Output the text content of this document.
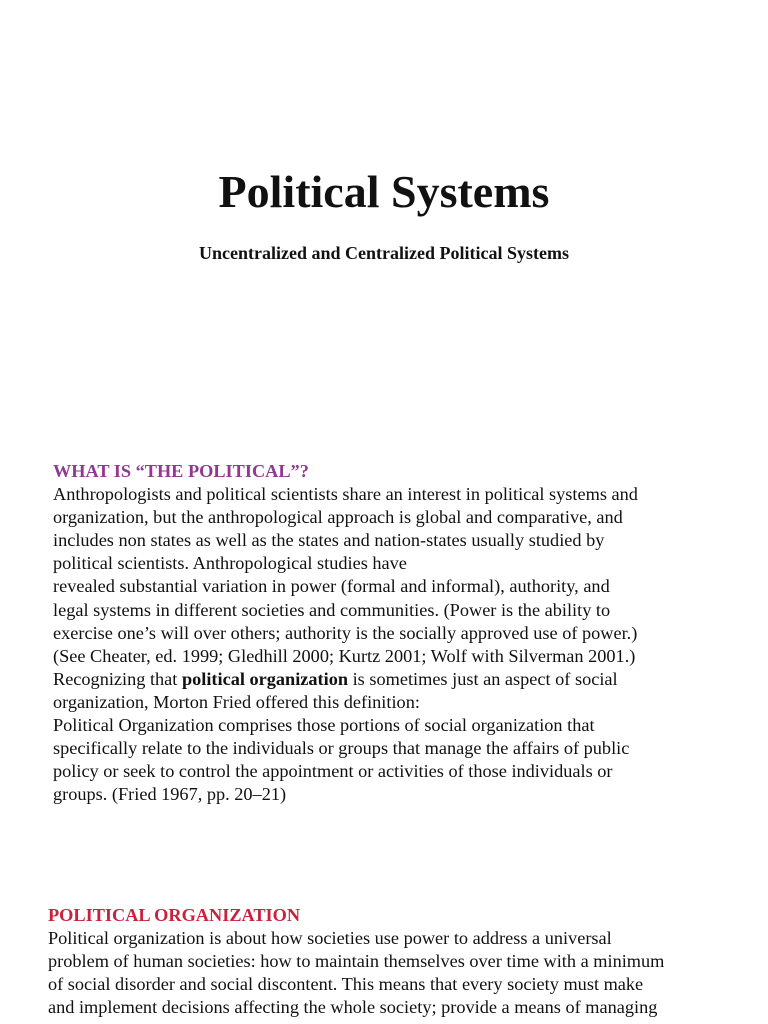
Political Systems
Uncentralized and Centralized Political Systems
WHAT IS “THE POLITICAL”?
Anthropologists and political scientists share an interest in political systems and
organization, but the anthropological approach is global and comparative, and
includes non states as well as the states and nation-states usually studied by
political scientists. Anthropological studies have
revealed substantial variation in power (formal and informal), authority, and
legal systems in different societies and communities. (Power is the ability to
exercise one’s will over others; authority is the socially approved use of power.)
(See Cheater, ed. 1999; Gledhill 2000; Kurtz 2001; Wolf with Silverman 2001.)
Recognizing that political organization is sometimes just an aspect of social
organization, Morton Fried offered this definition:
Political Organization comprises those portions of social organization that
specifically relate to the individuals or groups that manage the affairs of public
policy or seek to control the appointment or activities of those individuals or
groups. (Fried 1967, pp. 20–21)
POLITICAL ORGANIZATION
Political organization is about how societies use power to address a universal
problem of human societies: how to maintain themselves over time with a minimum
of social disorder and social discontent. This means that every society must make
and implement decisions affecting the whole society; provide a means of managing
